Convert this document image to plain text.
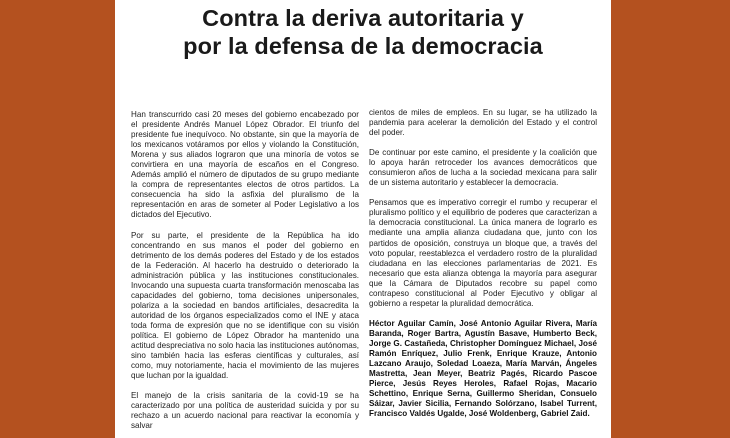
Contra la deriva autoritaria y
por la defensa de la democracia

Han transcurrido casi 20 meses del gobierno encabezado por el presidente Andrés Manuel López Obrador. El triunfo del presidente fue inequívoco. No obstante, sin que la mayoría de los mexicanos votáramos por ellos y violando la Constitución, Morena y sus aliados lograron que una minoría de votos se convirtiera en una mayoría de escaños en el Congreso. Además amplió el número de diputados de su grupo mediante la compra de representantes electos de otros partidos. La consecuencia ha sido la asfixia del pluralismo de la representación en aras de someter al Poder Legislativo a los dictados del Ejecutivo.

Por su parte, el presidente de la República ha ido concentrando en sus manos el poder del gobierno en detrimento de los demás poderes del Estado y de los estados de la Federación. Al hacerlo ha destruido o deteriorado la administración pública y las instituciones constitucionales. Invocando una supuesta cuarta transformación menoscaba las capacidades del gobierno, toma decisiones unipersonales, polariza a la sociedad en bandos artificiales, desacredita la autoridad de los órganos especializados como el INE y ataca toda forma de expresión que no se identifique con su visión política. El gobierno de López Obrador ha mantenido una actitud despreciativa no solo hacia las instituciones autónomas, sino también hacia las esferas científicas y culturales, así como, muy notoriamente, hacia el movimiento de las mujeres que luchan por la igualdad.

El manejo de la crisis sanitaria de la covid-19 se ha caracterizado por una política de austeridad suicida y por su rechazo a un acuerdo nacional para reactivar la economía y salvar

cientos de miles de empleos. En su lugar, se ha utilizado la pandemia para acelerar la demolición del Estado y el control del poder.

De continuar por este camino, el presidente y la coalición que lo apoya harán retroceder los avances democráticos que consumieron años de lucha a la sociedad mexicana para salir de un sistema autoritario y establecer la democracia.

Pensamos que es imperativo corregir el rumbo y recuperar el pluralismo político y el equilibrio de poderes que caracterizan a la democracia constitucional. La única manera de lograrlo es mediante una amplia alianza ciudadana que, junto con los partidos de oposición, construya un bloque que, a través del voto popular, reestablezca el verdadero rostro de la pluralidad ciudadana en las elecciones parlamentarias de 2021. Es necesario que esta alianza obtenga la mayoría para asegurar que la Cámara de Diputados recobre su papel como contrapeso constitucional al Poder Ejecutivo y obligar al gobierno a respetar la pluralidad democrática.

Héctor Aguilar Camín, José Antonio Aguilar Rivera, María Baranda, Roger Bartra, Agustín Basave, Humberto Beck, Jorge G. Castañeda, Christopher Domínguez Michael, José Ramón Enríquez, Julio Frenk, Enrique Krauze, Antonio Lazcano Araujo, Soledad Loaeza, María Marván, Ángeles Mastretta, Jean Meyer, Beatriz Pagés, Ricardo Pascoe Pierce, Jesús Reyes Heroles, Rafael Rojas, Macario Schettino, Enrique Serna, Guillermo Sheridan, Consuelo Sáizar, Javier Sicilia, Fernando Solórzano, Isabel Turrent, Francisco Valdés Ugalde, José Woldenberg, Gabriel Zaid.
